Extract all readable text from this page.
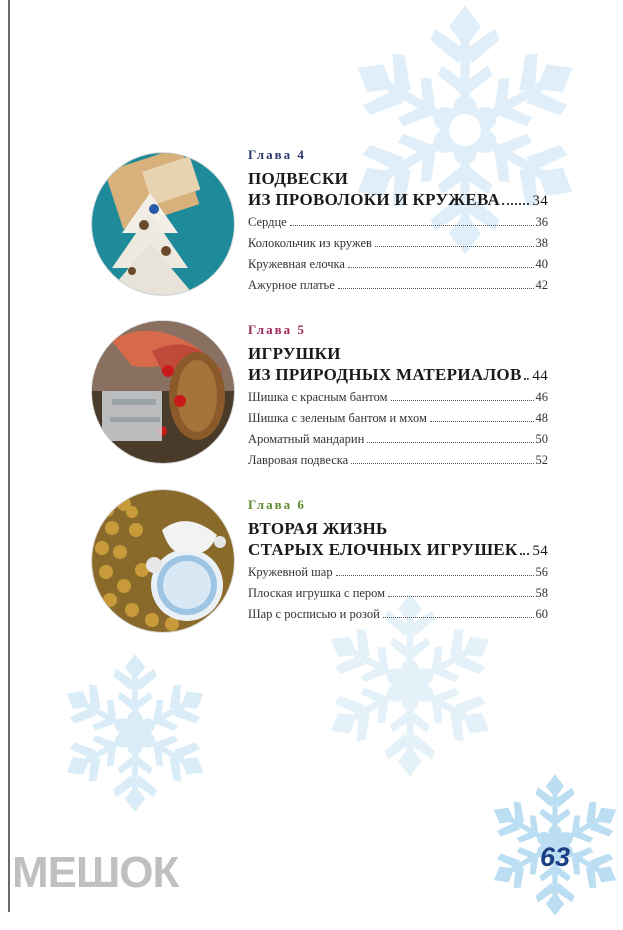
Глава 4
ПОДВЕСКИ
ИЗ ПРОВОЛОКИ И КРУЖЕВА 34
Сердце	36
Колокольчик из кружев	38
Кружевная елочка	40
Ажурное платье	42
Глава 5
ИГРУШКИ
ИЗ ПРИРОДНЫХ МАТЕРИАЛОВ 44
Шишка с красным бантом	46
Шишка с зеленым бантом и мхом	48
Ароматный мандарин	50
Лавровая подвеска	52
Глава 6
ВТОРАЯ ЖИЗНЬ
СТАРЫХ ЕЛОЧНЫХ ИГРУШЕК 54
Кружевной шар	56
Плоская игрушка с пером	58
Шар с росписью и розой	60
МЕШОК	63
